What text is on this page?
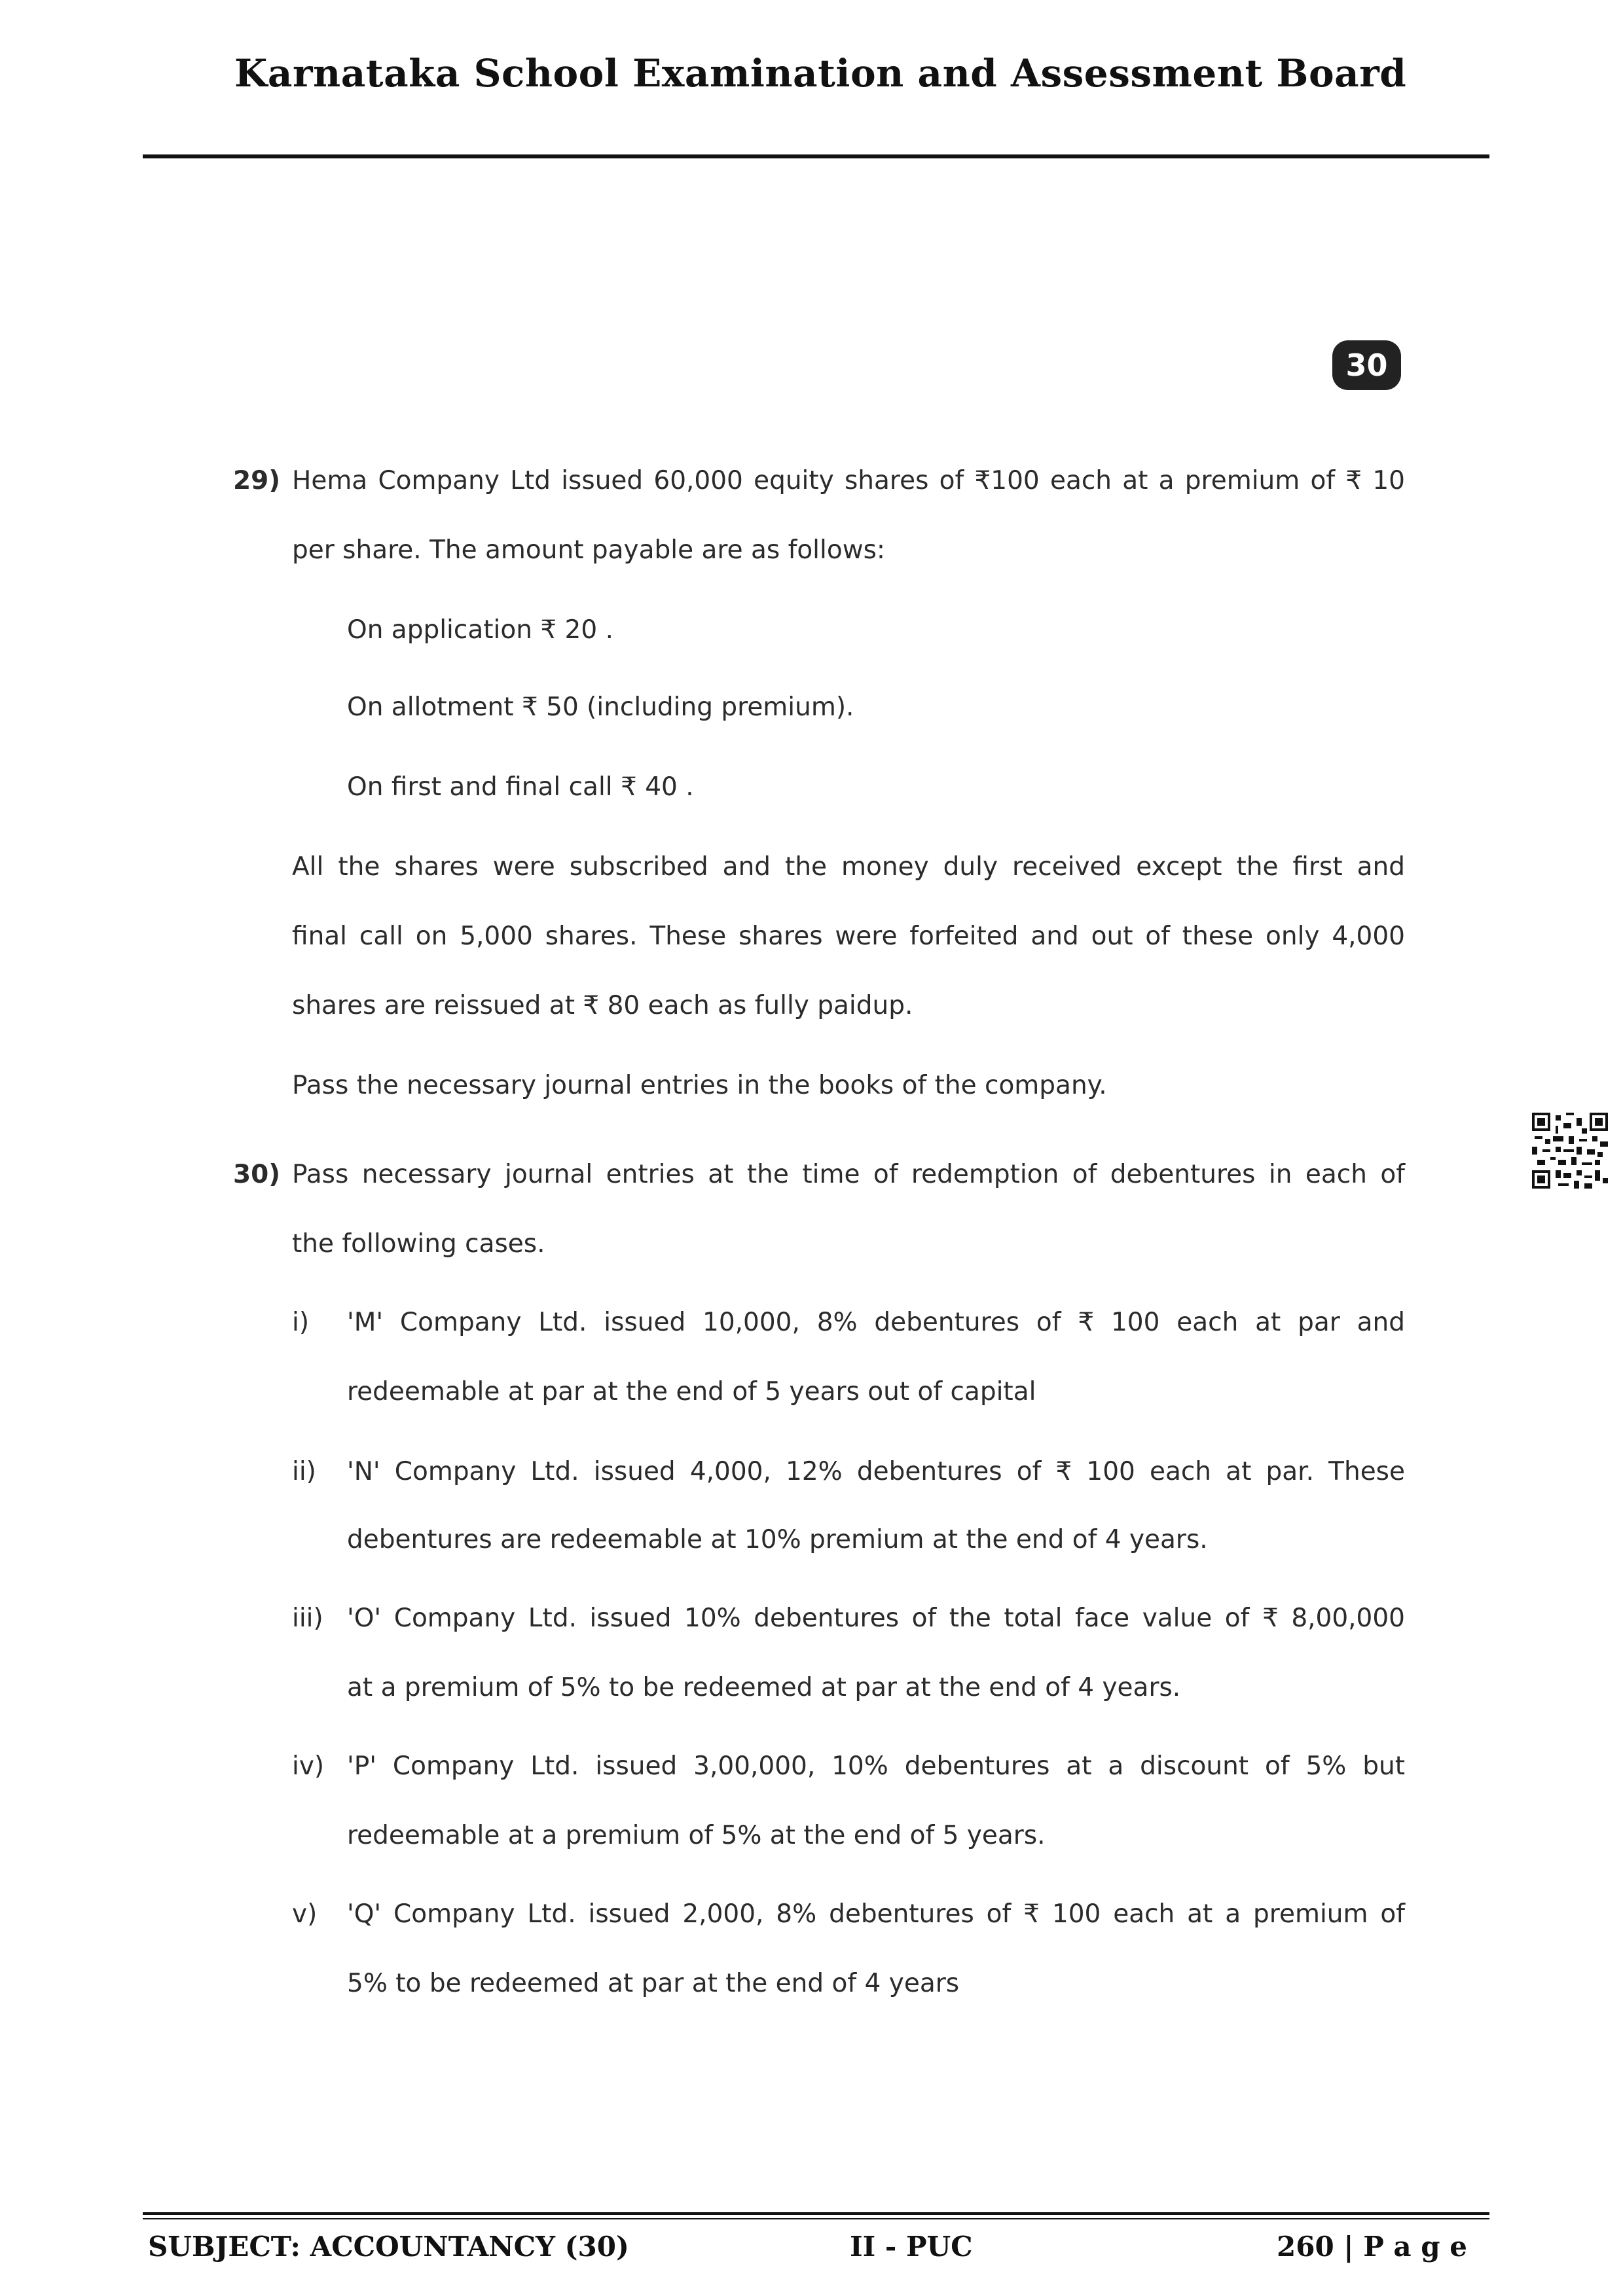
Karnataka School Examination and Assessment Board
30
29) Hema Company Ltd issued 60,000 equity shares of ₹100 each at a premium of ₹ 10
per share. The amount payable are as follows:
On application ₹ 20 .
On allotment ₹ 50 (including premium).
On first and final call ₹ 40 .
All the shares were subscribed and the money duly received except the first and
final call on 5,000 shares. These shares were forfeited and out of these only 4,000
shares are reissued at ₹ 80 each as fully paidup.
Pass the necessary journal entries in the books of the company.
30) Pass necessary journal entries at the time of redemption of debentures in each of
the following cases.
i) 'M' Company Ltd. issued 10,000, 8% debentures of ₹ 100 each at par and
redeemable at par at the end of 5 years out of capital
ii) 'N' Company Ltd. issued 4,000, 12% debentures of ₹ 100 each at par. These
debentures are redeemable at 10% premium at the end of 4 years.
iii) 'O' Company Ltd. issued 10% debentures of the total face value of ₹ 8,00,000
at a premium of 5% to be redeemed at par at the end of 4 years.
iv) 'P' Company Ltd. issued 3,00,000, 10% debentures at a discount of 5% but
redeemable at a premium of 5% at the end of 5 years.
v) 'Q' Company Ltd. issued 2,000, 8% debentures of ₹ 100 each at a premium of
5% to be redeemed at par at the end of 4 years
SUBJECT: ACCOUNTANCY (30)	II - PUC	260 | P a g e
